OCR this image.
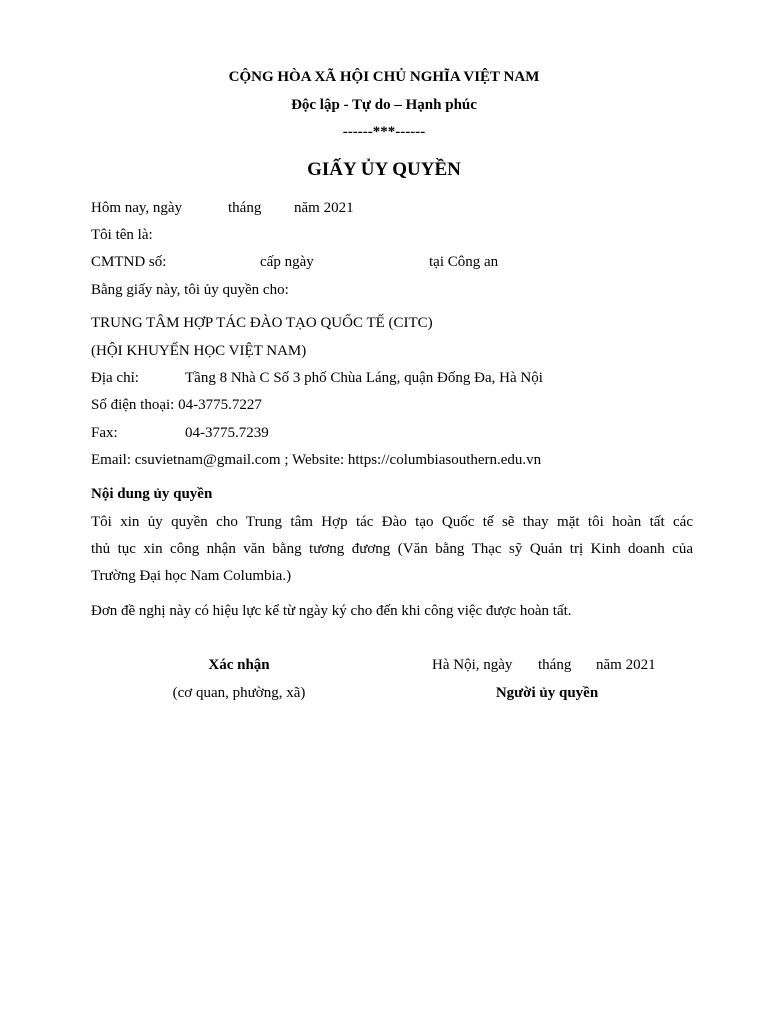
CỘNG HÒA XÃ HỘI CHỦ NGHĨA VIỆT NAM
Độc lập - Tự do – Hạnh phúc
------***------
GIẤY ỦY QUYỀN
Hôm nay, ngày	tháng năm 2021
Tôi tên là:
CMTND số:	cấp ngày	tại Công an
Bằng giấy này, tôi ủy quyền cho:
TRUNG TÂM HỢP TÁC ĐÀO TẠO QUỐC TẾ (CITC)
(HỘI KHUYẾN HỌC VIỆT NAM)
Địa chỉ:	Tầng 8 Nhà C Số 3 phố Chùa Láng, quận Đống Đa, Hà Nội
Số điện thoại: 04-3775.7227
Fax:	04-3775.7239
Email: csuvietnam@gmail.com ; Website: https://columbiasouthern.edu.vn
Nội dung ủy quyền
Tôi xin ủy quyền cho Trung tâm Hợp tác Đào tạo Quốc tế sẽ thay mặt tôi hoàn tất các
thủ tục xin công nhận văn bằng tương đương (Văn bằng Thạc sỹ Quản trị Kinh doanh của
Trường Đại học Nam Columbia.)
Đơn đề nghị này có hiệu lực kể từ ngày ký cho đến khi công việc được hoàn tất.
Xác nhận
(cơ quan, phường, xã)
Hà Nội, ngày tháng năm 2021
Người ủy quyền
